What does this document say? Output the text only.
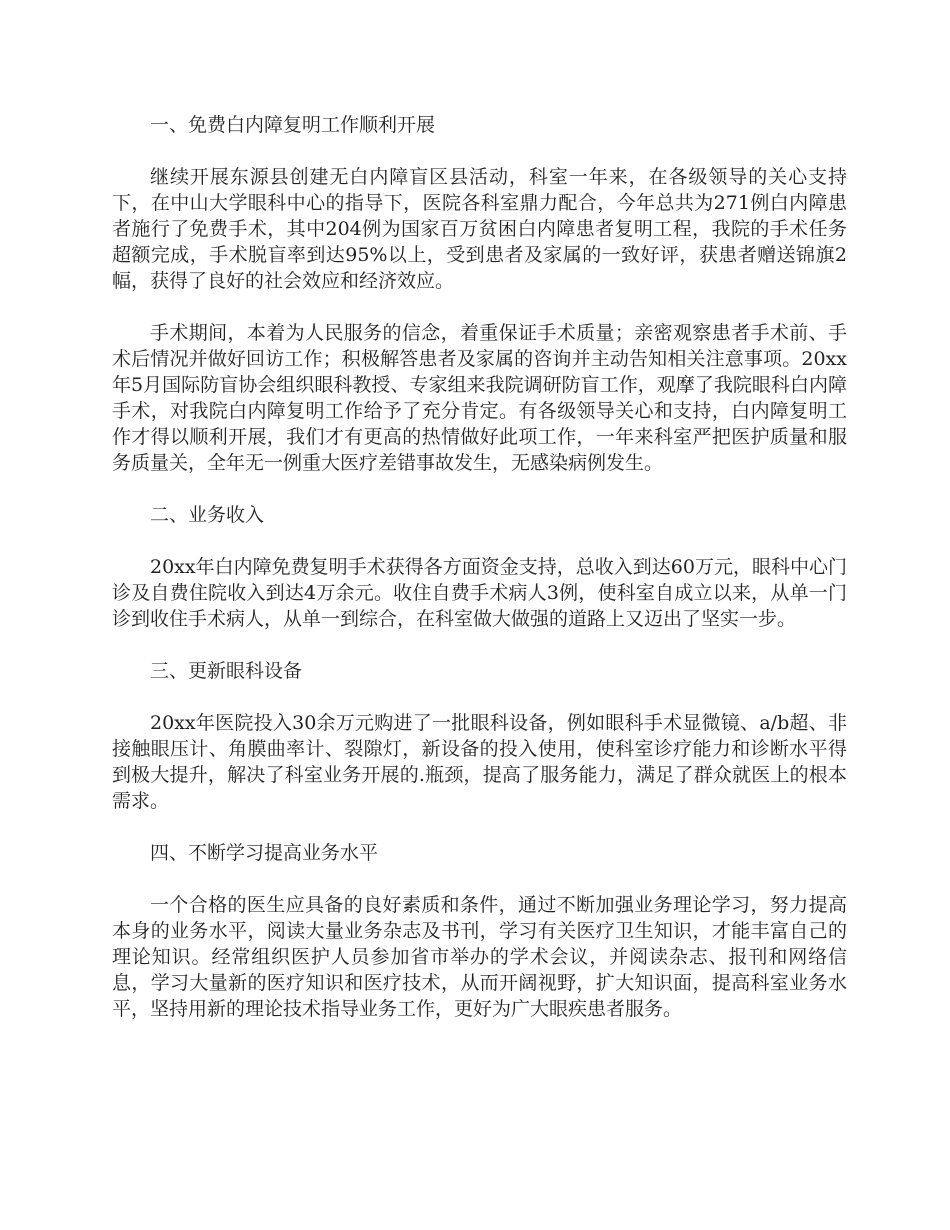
一、免费白内障复明工作顺利开展

继续开展东源县创建无白内障盲区县活动，科室一年来，在各级领导的关心支持下，在中山大学眼科中心的指导下，医院各科室鼎力配合，今年总共为271例白内障患者施行了免费手术，其中204例为国家百万贫困白内障患者复明工程，我院的手术任务超额完成，手术脱盲率到达95%以上，受到患者及家属的一致好评，获患者赠送锦旗2幅，获得了良好的社会效应和经济效应。

手术期间，本着为人民服务的信念，着重保证手术质量；亲密观察患者手术前、手术后情况并做好回访工作；积极解答患者及家属的咨询并主动告知相关注意事项。20xx年5月国际防盲协会组织眼科教授、专家组来我院调研防盲工作，观摩了我院眼科白内障手术，对我院白内障复明工作给予了充分肯定。有各级领导关心和支持，白内障复明工作才得以顺利开展，我们才有更高的热情做好此项工作，一年来科室严把医护质量和服务质量关，全年无一例重大医疗差错事故发生，无感染病例发生。

二、业务收入

20xx年白内障免费复明手术获得各方面资金支持，总收入到达60万元，眼科中心门诊及自费住院收入到达4万余元。收住自费手术病人3例，使科室自成立以来，从单一门诊到收住手术病人，从单一到综合，在科室做大做强的道路上又迈出了坚实一步。

三、更新眼科设备

20xx年医院投入30余万元购进了一批眼科设备，例如眼科手术显微镜、a/b超、非接触眼压计、角膜曲率计、裂隙灯，新设备的投入使用，使科室诊疗能力和诊断水平得到极大提升，解决了科室业务开展的.瓶颈，提高了服务能力，满足了群众就医上的根本需求。

四、不断学习提高业务水平

一个合格的医生应具备的良好素质和条件，通过不断加强业务理论学习，努力提高本身的业务水平，阅读大量业务杂志及书刊，学习有关医疗卫生知识，才能丰富自己的理论知识。经常组织医护人员参加省市举办的学术会议，并阅读杂志、报刊和网络信息，学习大量新的医疗知识和医疗技术，从而开阔视野，扩大知识面，提高科室业务水平，坚持用新的理论技术指导业务工作，更好为广大眼疾患者服务。
